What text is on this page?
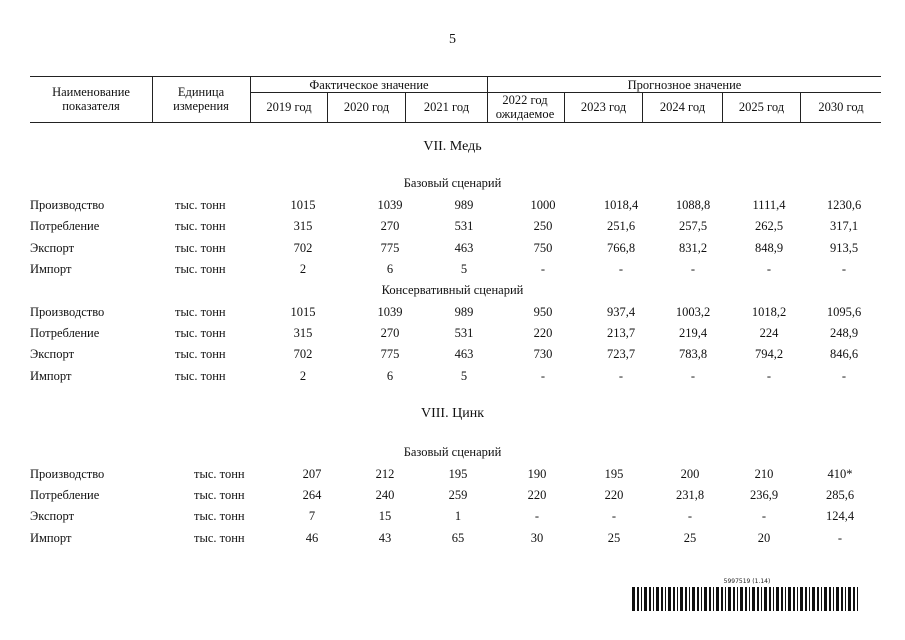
5
Наименование показателя
Единица измерения
Фактическое значение	Прогнозное значение
2019 год	2020 год	2021 год	2022 год ожидаемое	2023 год	2024 год	2025 год	2030 год
VII. Медь
Базовый сценарий
Производство	тыс. тонн	1015	1039	989	1000	1018,4	1088,8	1111,4	1230,6
Потребление	тыс. тонн	315	270	531	250	251,6	257,5	262,5	317,1
Экспорт	тыс. тонн	702	775	463	750	766,8	831,2	848,9	913,5
Импорт	тыс. тонн	2	6	5	-	-	-	-	-
Консервативный сценарий
Производство	тыс. тонн	1015	1039	989	950	937,4	1003,2	1018,2	1095,6
Потребление	тыс. тонн	315	270	531	220	213,7	219,4	224	248,9
Экспорт	тыс. тонн	702	775	463	730	723,7	783,8	794,2	846,6
Импорт	тыс. тонн	2	6	5	-	-	-	-	-
VIII. Цинк
Базовый сценарий
Производство	тыс. тонн	207	212	195	190	195	200	210	410*
Потребление	тыс. тонн	264	240	259	220	220	231,8	236,9	285,6
Экспорт	тыс. тонн	7	15	1	-	-	-	-	124,4
Импорт	тыс. тонн	46	43	65	30	25	25	20	-
5997519 (1.14)
